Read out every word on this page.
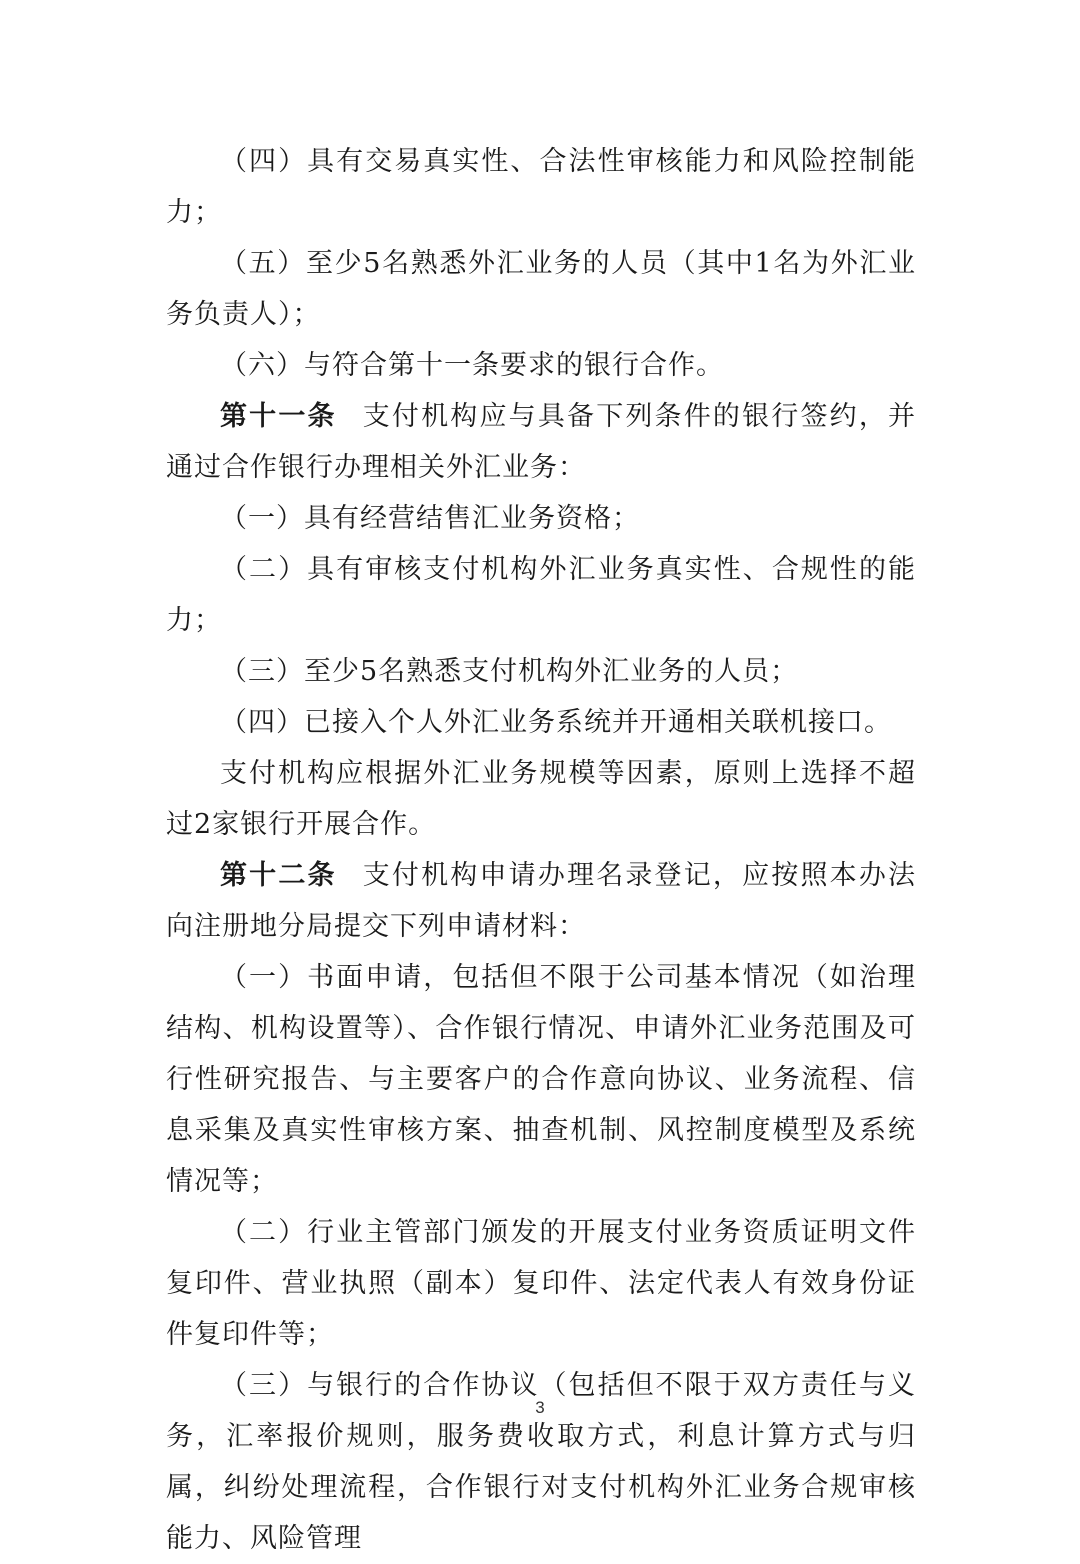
（四）具有交易真实性、合法性审核能力和风险控制能力；

（五）至少5名熟悉外汇业务的人员（其中1名为外汇业务负责人）；

（六）与符合第十一条要求的银行合作。

第十一条 支付机构应与具备下列条件的银行签约，并通过合作银行办理相关外汇业务：

（一）具有经营结售汇业务资格；

（二）具有审核支付机构外汇业务真实性、合规性的能力；

（三）至少5名熟悉支付机构外汇业务的人员；

（四）已接入个人外汇业务系统并开通相关联机接口。

支付机构应根据外汇业务规模等因素，原则上选择不超过2家银行开展合作。

第十二条 支付机构申请办理名录登记，应按照本办法向注册地分局提交下列申请材料：

（一）书面申请，包括但不限于公司基本情况（如治理结构、机构设置等）、合作银行情况、申请外汇业务范围及可行性研究报告、与主要客户的合作意向协议、业务流程、信息采集及真实性审核方案、抽查机制、风控制度模型及系统情况等；

（二）行业主管部门颁发的开展支付业务资质证明文件复印件、营业执照（副本）复印件、法定代表人有效身份证件复印件等；

（三）与银行的合作协议（包括但不限于双方责任与义务，汇率报价规则，服务费收取方式，利息计算方式与归属，纠纷处理流程，合作银行对支付机构外汇业务合规审核能力、风险管理

3
